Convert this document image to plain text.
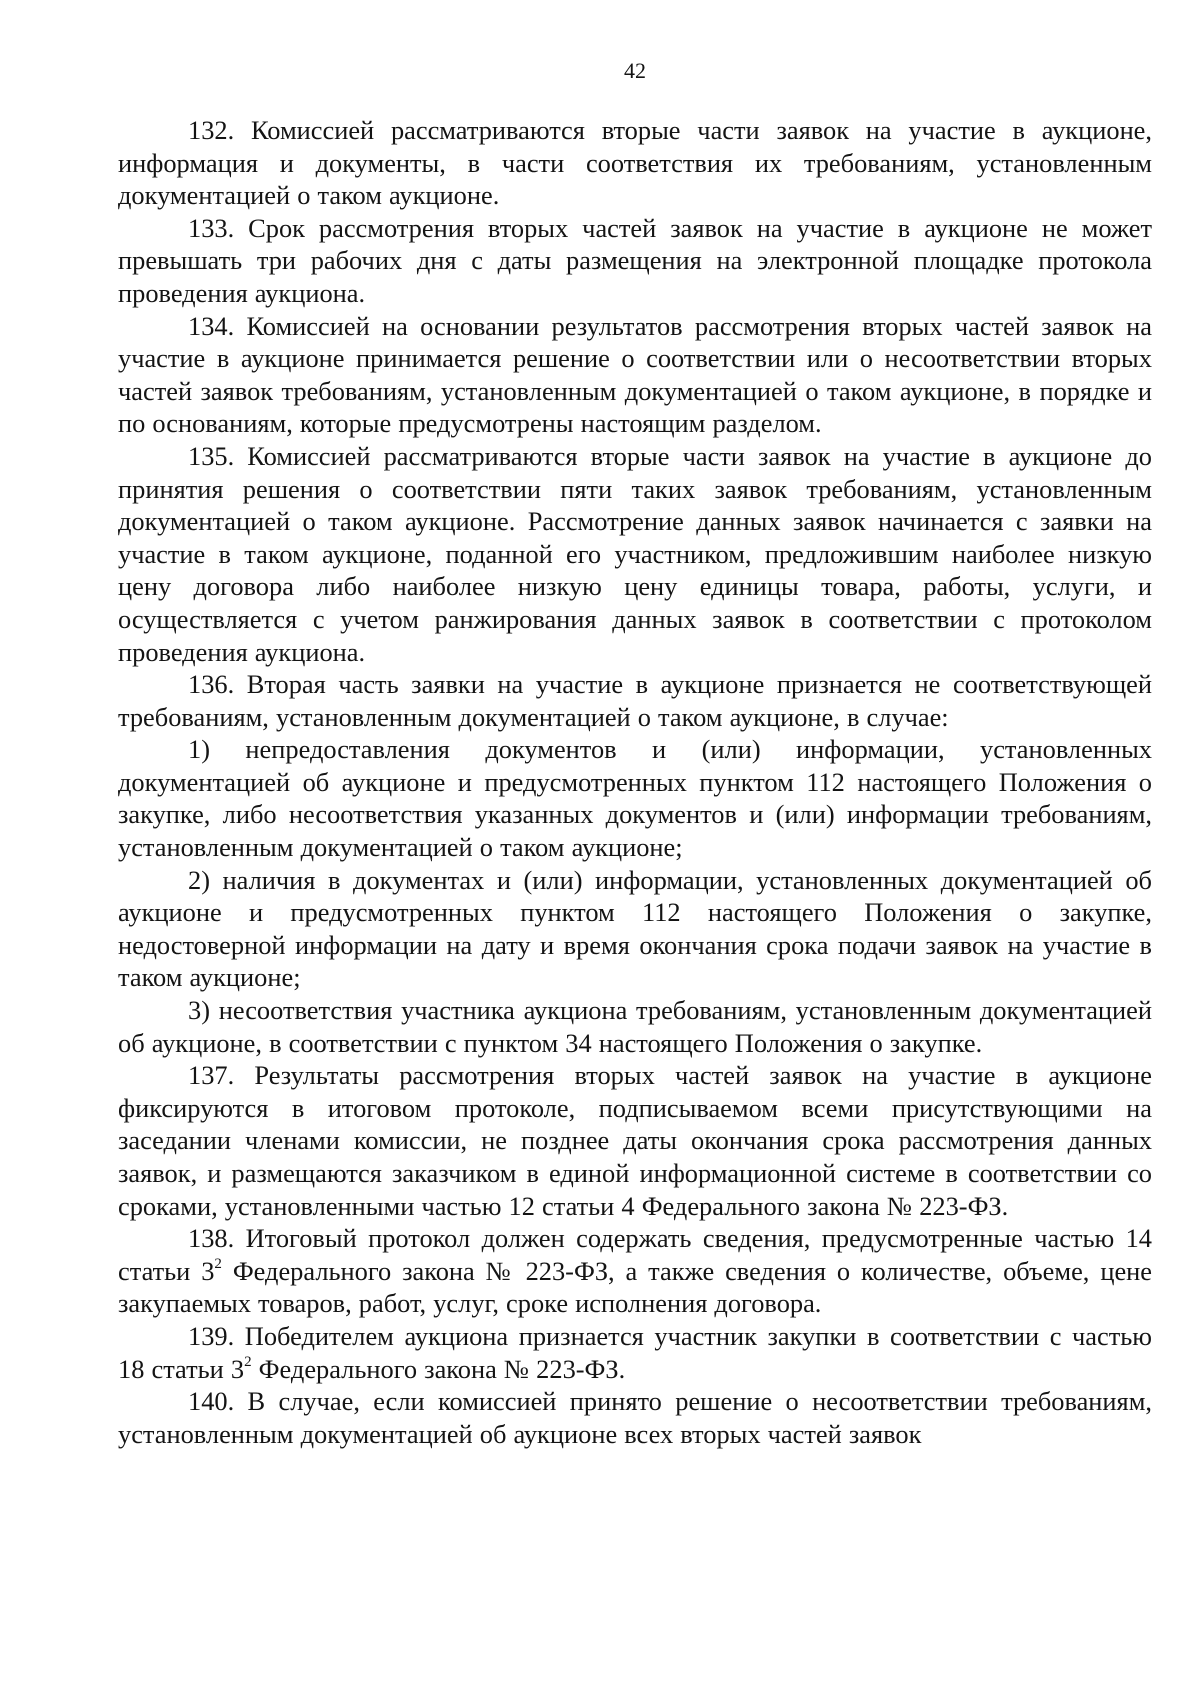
42

132. Комиссией рассматриваются вторые части заявок на участие в аукционе, информация и документы, в части соответствия их требованиям, установленным документацией о таком аукционе.

133. Срок рассмотрения вторых частей заявок на участие в аукционе не может превышать три рабочих дня с даты размещения на электронной площадке протокола проведения аукциона.

134. Комиссией на основании результатов рассмотрения вторых частей заявок на участие в аукционе принимается решение о соответствии или о несоответствии вторых частей заявок требованиям, установленным документацией о таком аукционе, в порядке и по основаниям, которые предусмотрены настоящим разделом.

135. Комиссией рассматриваются вторые части заявок на участие в аукционе до принятия решения о соответствии пяти таких заявок требованиям, установленным документацией о таком аукционе. Рассмотрение данных заявок начинается с заявки на участие в таком аукционе, поданной его участником, предложившим наиболее низкую цену договора либо наиболее низкую цену единицы товара, работы, услуги, и осуществляется с учетом ранжирования данных заявок в соответствии с протоколом проведения аукциона.

136. Вторая часть заявки на участие в аукционе признается не соответствующей требованиям, установленным документацией о таком аукционе, в случае:

1) непредоставления документов и (или) информации, установленных документацией об аукционе и предусмотренных пунктом 112 настоящего Положения о закупке, либо несоответствия указанных документов и (или) информации требованиям, установленным документацией о таком аукционе;

2) наличия в документах и (или) информации, установленных документацией об аукционе и предусмотренных пунктом 112 настоящего Положения о закупке, недостоверной информации на дату и время окончания срока подачи заявок на участие в таком аукционе;

3) несоответствия участника аукциона требованиям, установленным документацией об аукционе, в соответствии с пунктом 34 настоящего Положения о закупке.

137. Результаты рассмотрения вторых частей заявок на участие в аукционе фиксируются в итоговом протоколе, подписываемом всеми присутствующими на заседании членами комиссии, не позднее даты окончания срока рассмотрения данных заявок, и размещаются заказчиком в единой информационной системе в соответствии со сроками, установленными частью 12 статьи 4 Федерального закона № 223-ФЗ.

138. Итоговый протокол должен содержать сведения, предусмотренные частью 14 статьи $3^2$ Федерального закона № 223-ФЗ, а также сведения о количестве, объеме, цене закупаемых товаров, работ, услуг, сроке исполнения договора.

139. Победителем аукциона признается участник закупки в соответствии с частью 18 статьи $3^2$ Федерального закона № 223-ФЗ.

140. В случае, если комиссией принято решение о несоответствии требованиям, установленным документацией об аукционе всех вторых частей заявок
